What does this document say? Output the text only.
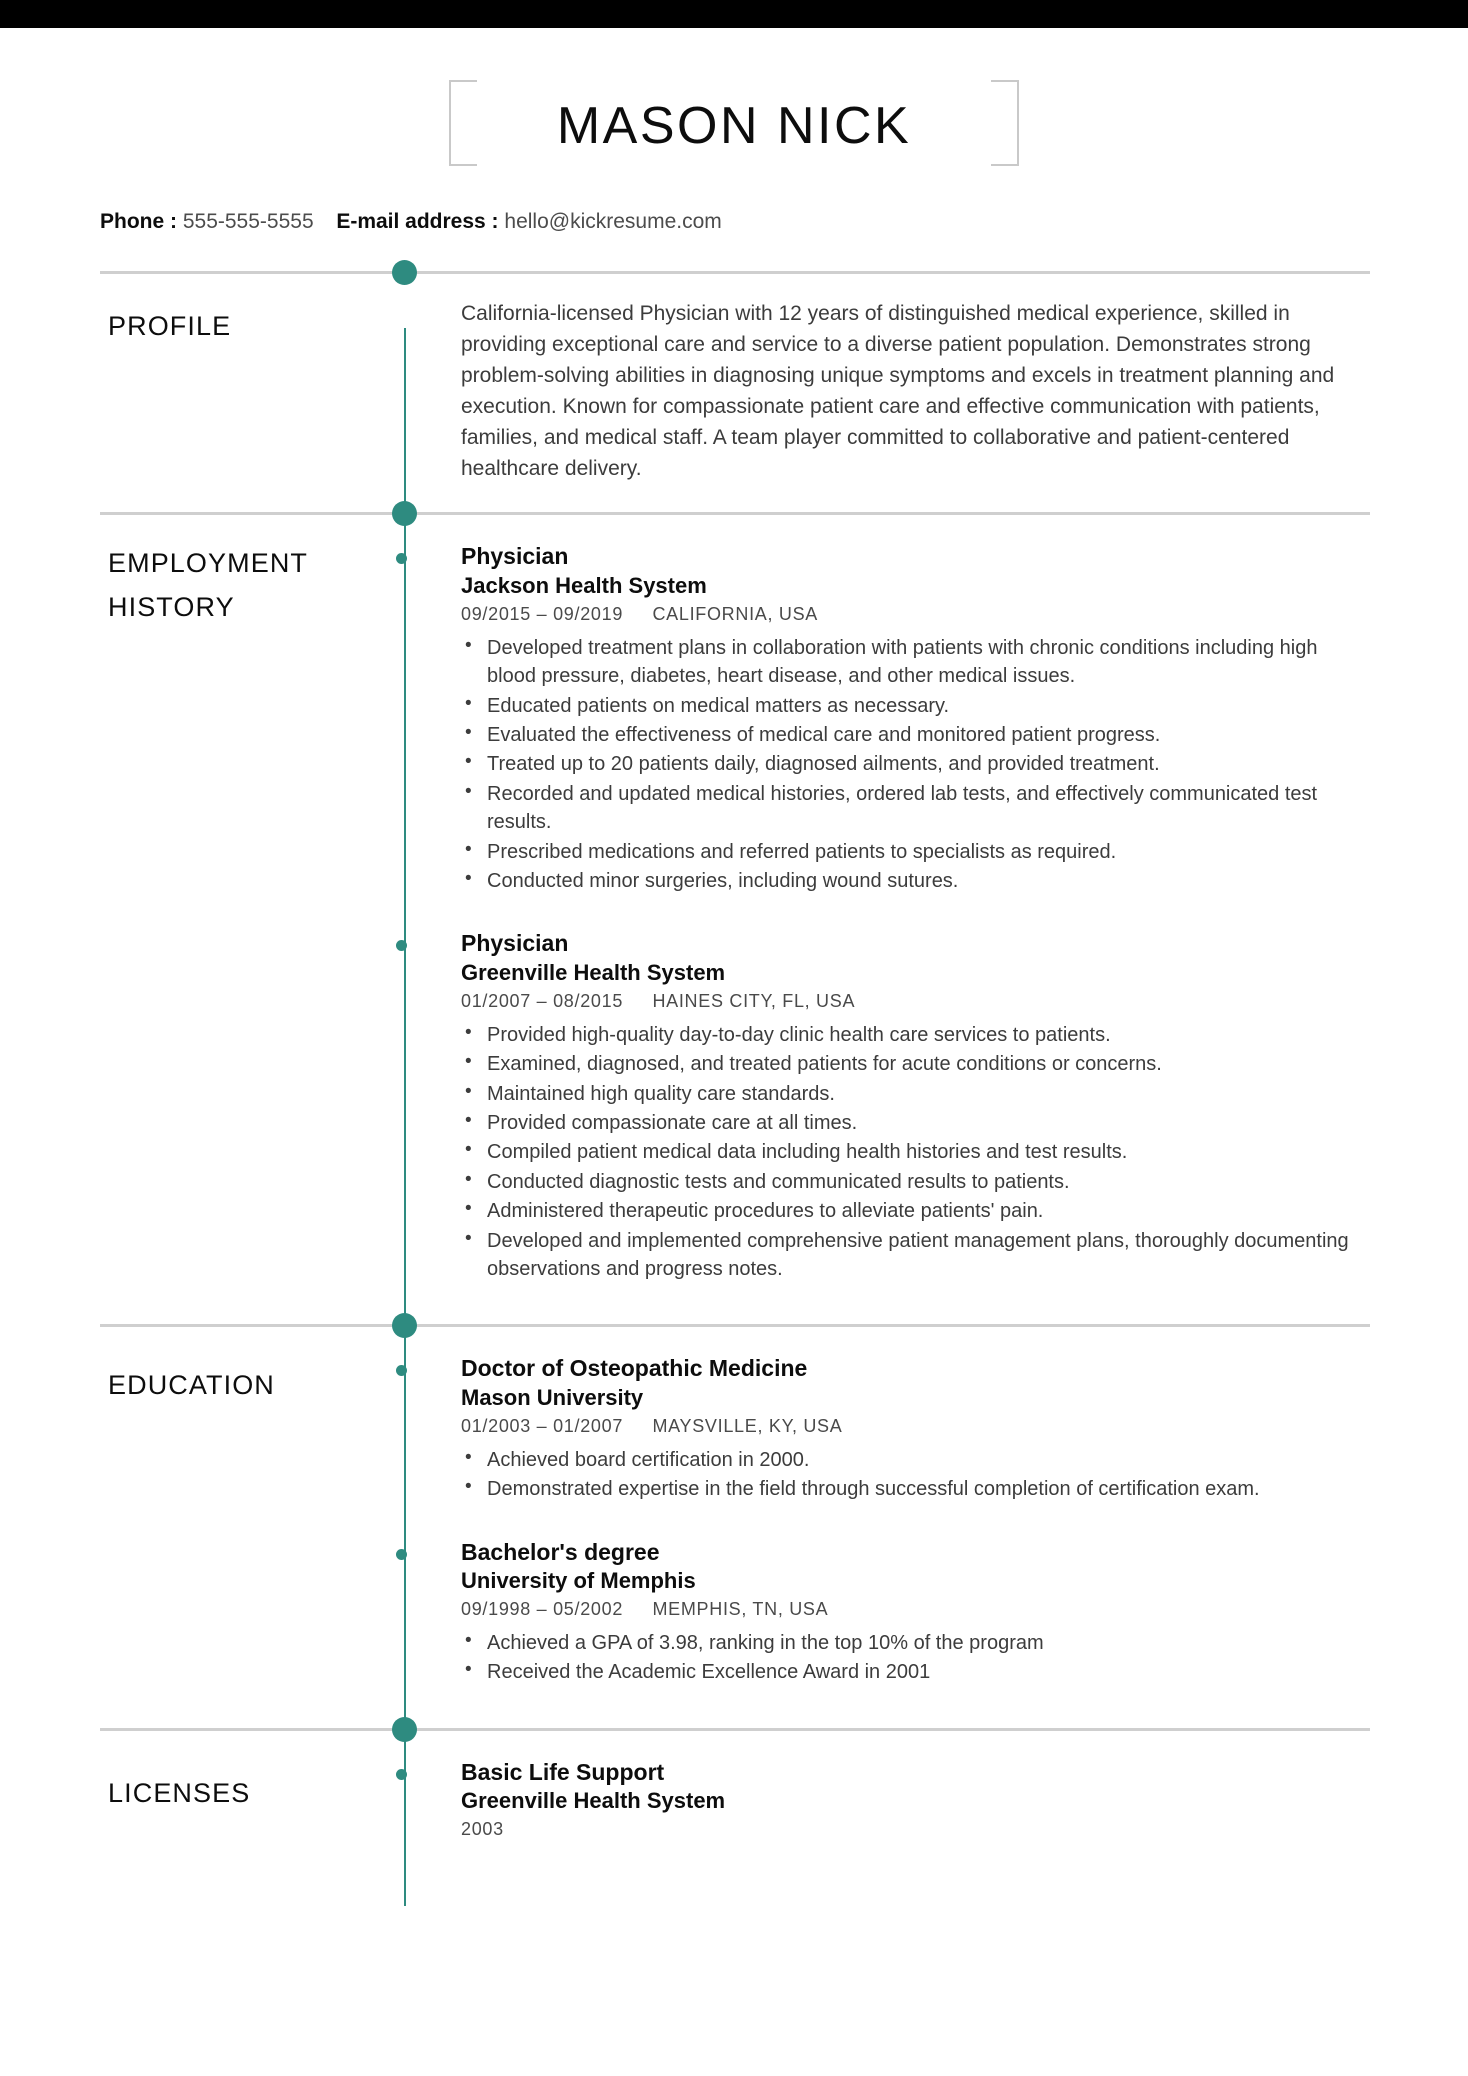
MASON NICK
Phone : 555-555-5555 E-mail address : hello@kickresume.com
PROFILE	California-licensed Physician with 12 years of distinguished medical experience, skilled in providing exceptional care and service to a diverse patient population. Demonstrates strong problem-solving abilities in diagnosing unique symptoms and excels in treatment planning and execution. Known for compassionate patient care and effective communication with patients, families, and medical staff. A team player committed to collaborative and patient-centered healthcare delivery.
EMPLOYMENT
HISTORY
Physician
Jackson Health System
09/2015 – 09/2019 CALIFORNIA, USA
• Developed treatment plans in collaboration with patients with chronic conditions including high blood pressure, diabetes, heart disease, and other medical issues.
• Educated patients on medical matters as necessary.
• Evaluated the effectiveness of medical care and monitored patient progress.
• Treated up to 20 patients daily, diagnosed ailments, and provided treatment.
• Recorded and updated medical histories, ordered lab tests, and effectively communicated test results.
• Prescribed medications and referred patients to specialists as required.
• Conducted minor surgeries, including wound sutures.
Physician
Greenville Health System
01/2007 – 08/2015 HAINES CITY, FL, USA
• Provided high-quality day-to-day clinic health care services to patients.
• Examined, diagnosed, and treated patients for acute conditions or concerns.
• Maintained high quality care standards.
• Provided compassionate care at all times.
• Compiled patient medical data including health histories and test results.
• Conducted diagnostic tests and communicated results to patients.
• Administered therapeutic procedures to alleviate patients' pain.
• Developed and implemented comprehensive patient management plans, thoroughly documenting observations and progress notes.
EDUCATION
Doctor of Osteopathic Medicine
Mason University
01/2003 – 01/2007 MAYSVILLE, KY, USA
• Achieved board certification in 2000.
• Demonstrated expertise in the field through successful completion of certification exam.
Bachelor's degree
University of Memphis
09/1998 – 05/2002 MEMPHIS, TN, USA
• Achieved a GPA of 3.98, ranking in the top 10% of the program
• Received the Academic Excellence Award in 2001
LICENSES
Basic Life Support
Greenville Health System
2003
